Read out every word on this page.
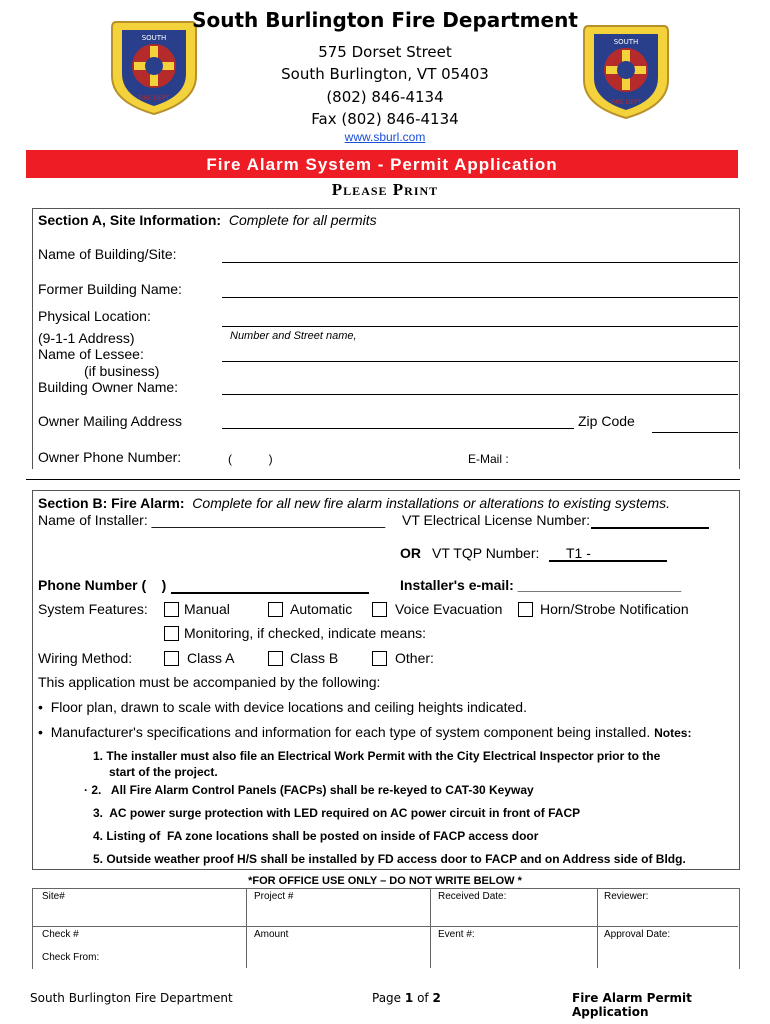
SOUTH
FIRE DEPT
SOUTH
FIRE DEPT
South Burlington Fire Department
575 Dorset Street
South Burlington, VT 05403
(802) 846-4134
Fax (802) 846-4134
www.sburl.com
Fire Alarm System - Permit Application
Please Print
Section A, Site Information: Complete for all permits
Name of Building/Site:
Former Building Name:
Physical Location:
(9-1-1 Address)	Number and Street name,
Name of Lessee:
(if business)
Building Owner Name:
Owner Mailing Address	Zip Code
Owner Phone Number:	(           )	E-Mail :
Section B: Fire Alarm: Complete for all new fire alarm installations or alterations to existing systems.
Name of Installer: ______________________________ VT Electrical License Number:
OR VT TQP Number: T1 -
Phone Number (    )	Installer's e-mail: _____________________
System Features:	Manual	Automatic	Voice Evacuation	Horn/Strobe Notification
Monitoring, if checked, indicate means:
Wiring Method:	Class A	Class B	Other:
This application must be accompanied by the following:
•  Floor plan, drawn to scale with device locations and ceiling heights indicated.
•  Manufacturer's specifications and information for each type of system component being installed. Notes:
1. The installer must also file an Electrical Work Permit with the City Electrical Inspector prior to the
start of the project.
· 2.   All Fire Alarm Control Panels (FACPs) shall be re-keyed to CAT-30 Keyway
3.  AC power surge protection with LED required on AC power circuit in front of FACP
4. Listing of  FA zone locations shall be posted on inside of FACP access door
5. Outside weather proof H/S shall be installed by FD access door to FACP and on Address side of Bldg.
*FOR OFFICE USE ONLY – DO NOT WRITE BELOW *
Site#	Project #	Received Date:	Reviewer:
Check #	Amount	Event #:	Approval Date:
Check From:
South Burlington Fire Department	Page 1 of 2	Fire Alarm Permit Application
